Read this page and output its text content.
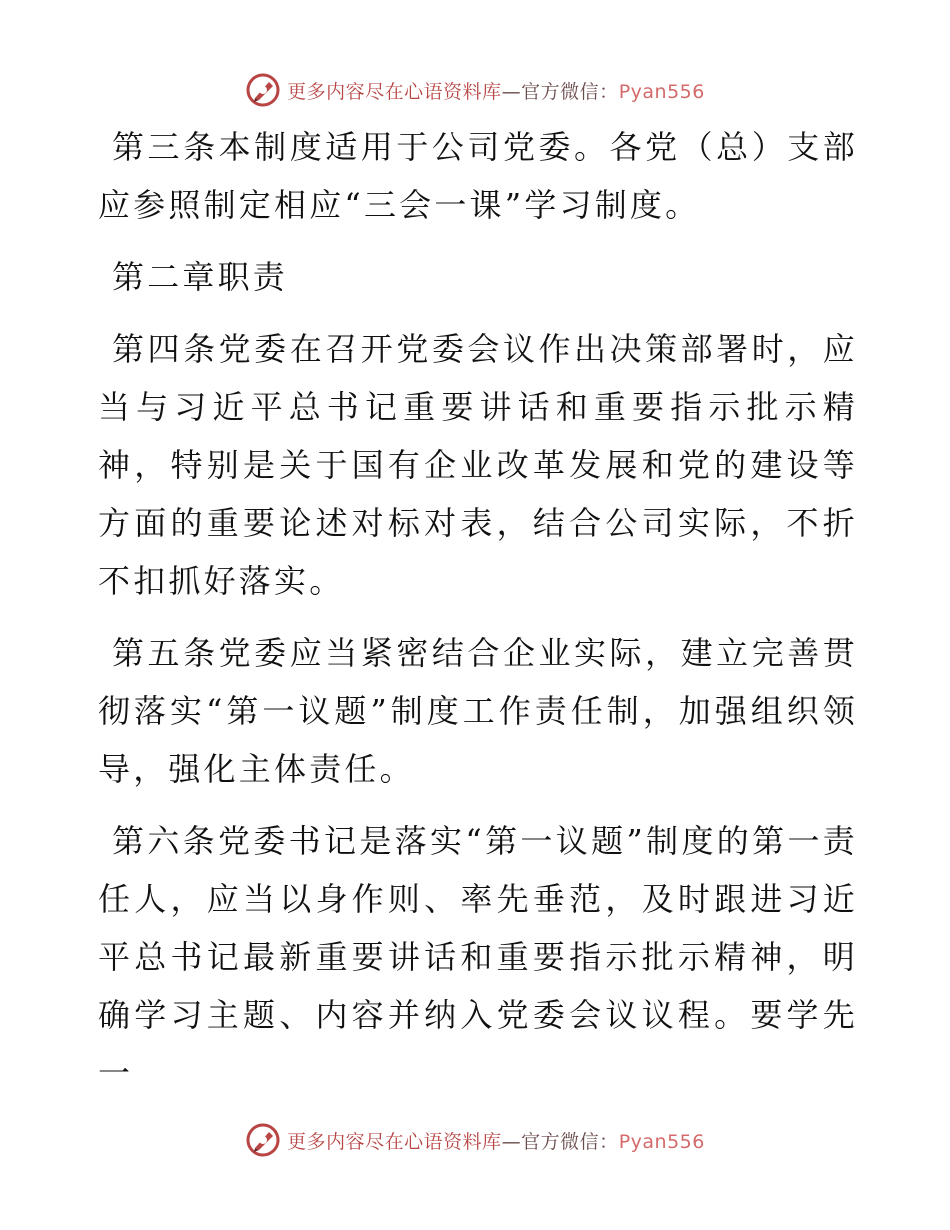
更多内容尽在心语资料库—官方微信：Pyan556

第三条本制度适用于公司党委。各党（总）支部应参照制定相应“三会一课”学习制度。

第二章职责

第四条党委在召开党委会议作出决策部署时，应当与习近平总书记重要讲话和重要指示批示精神，特别是关于国有企业改革发展和党的建设等方面的重要论述对标对表，结合公司实际，不折不扣抓好落实。

第五条党委应当紧密结合企业实际，建立完善贯彻落实“第一议题”制度工作责任制，加强组织领导，强化主体责任。

第六条党委书记是落实“第一议题”制度的第一责任人，应当以身作则、率先垂范，及时跟进习近平总书记最新重要讲话和重要指示批示精神，明确学习主题、内容并纳入党委会议议程。要学先一

更多内容尽在心语资料库—官方微信：Pyan556
